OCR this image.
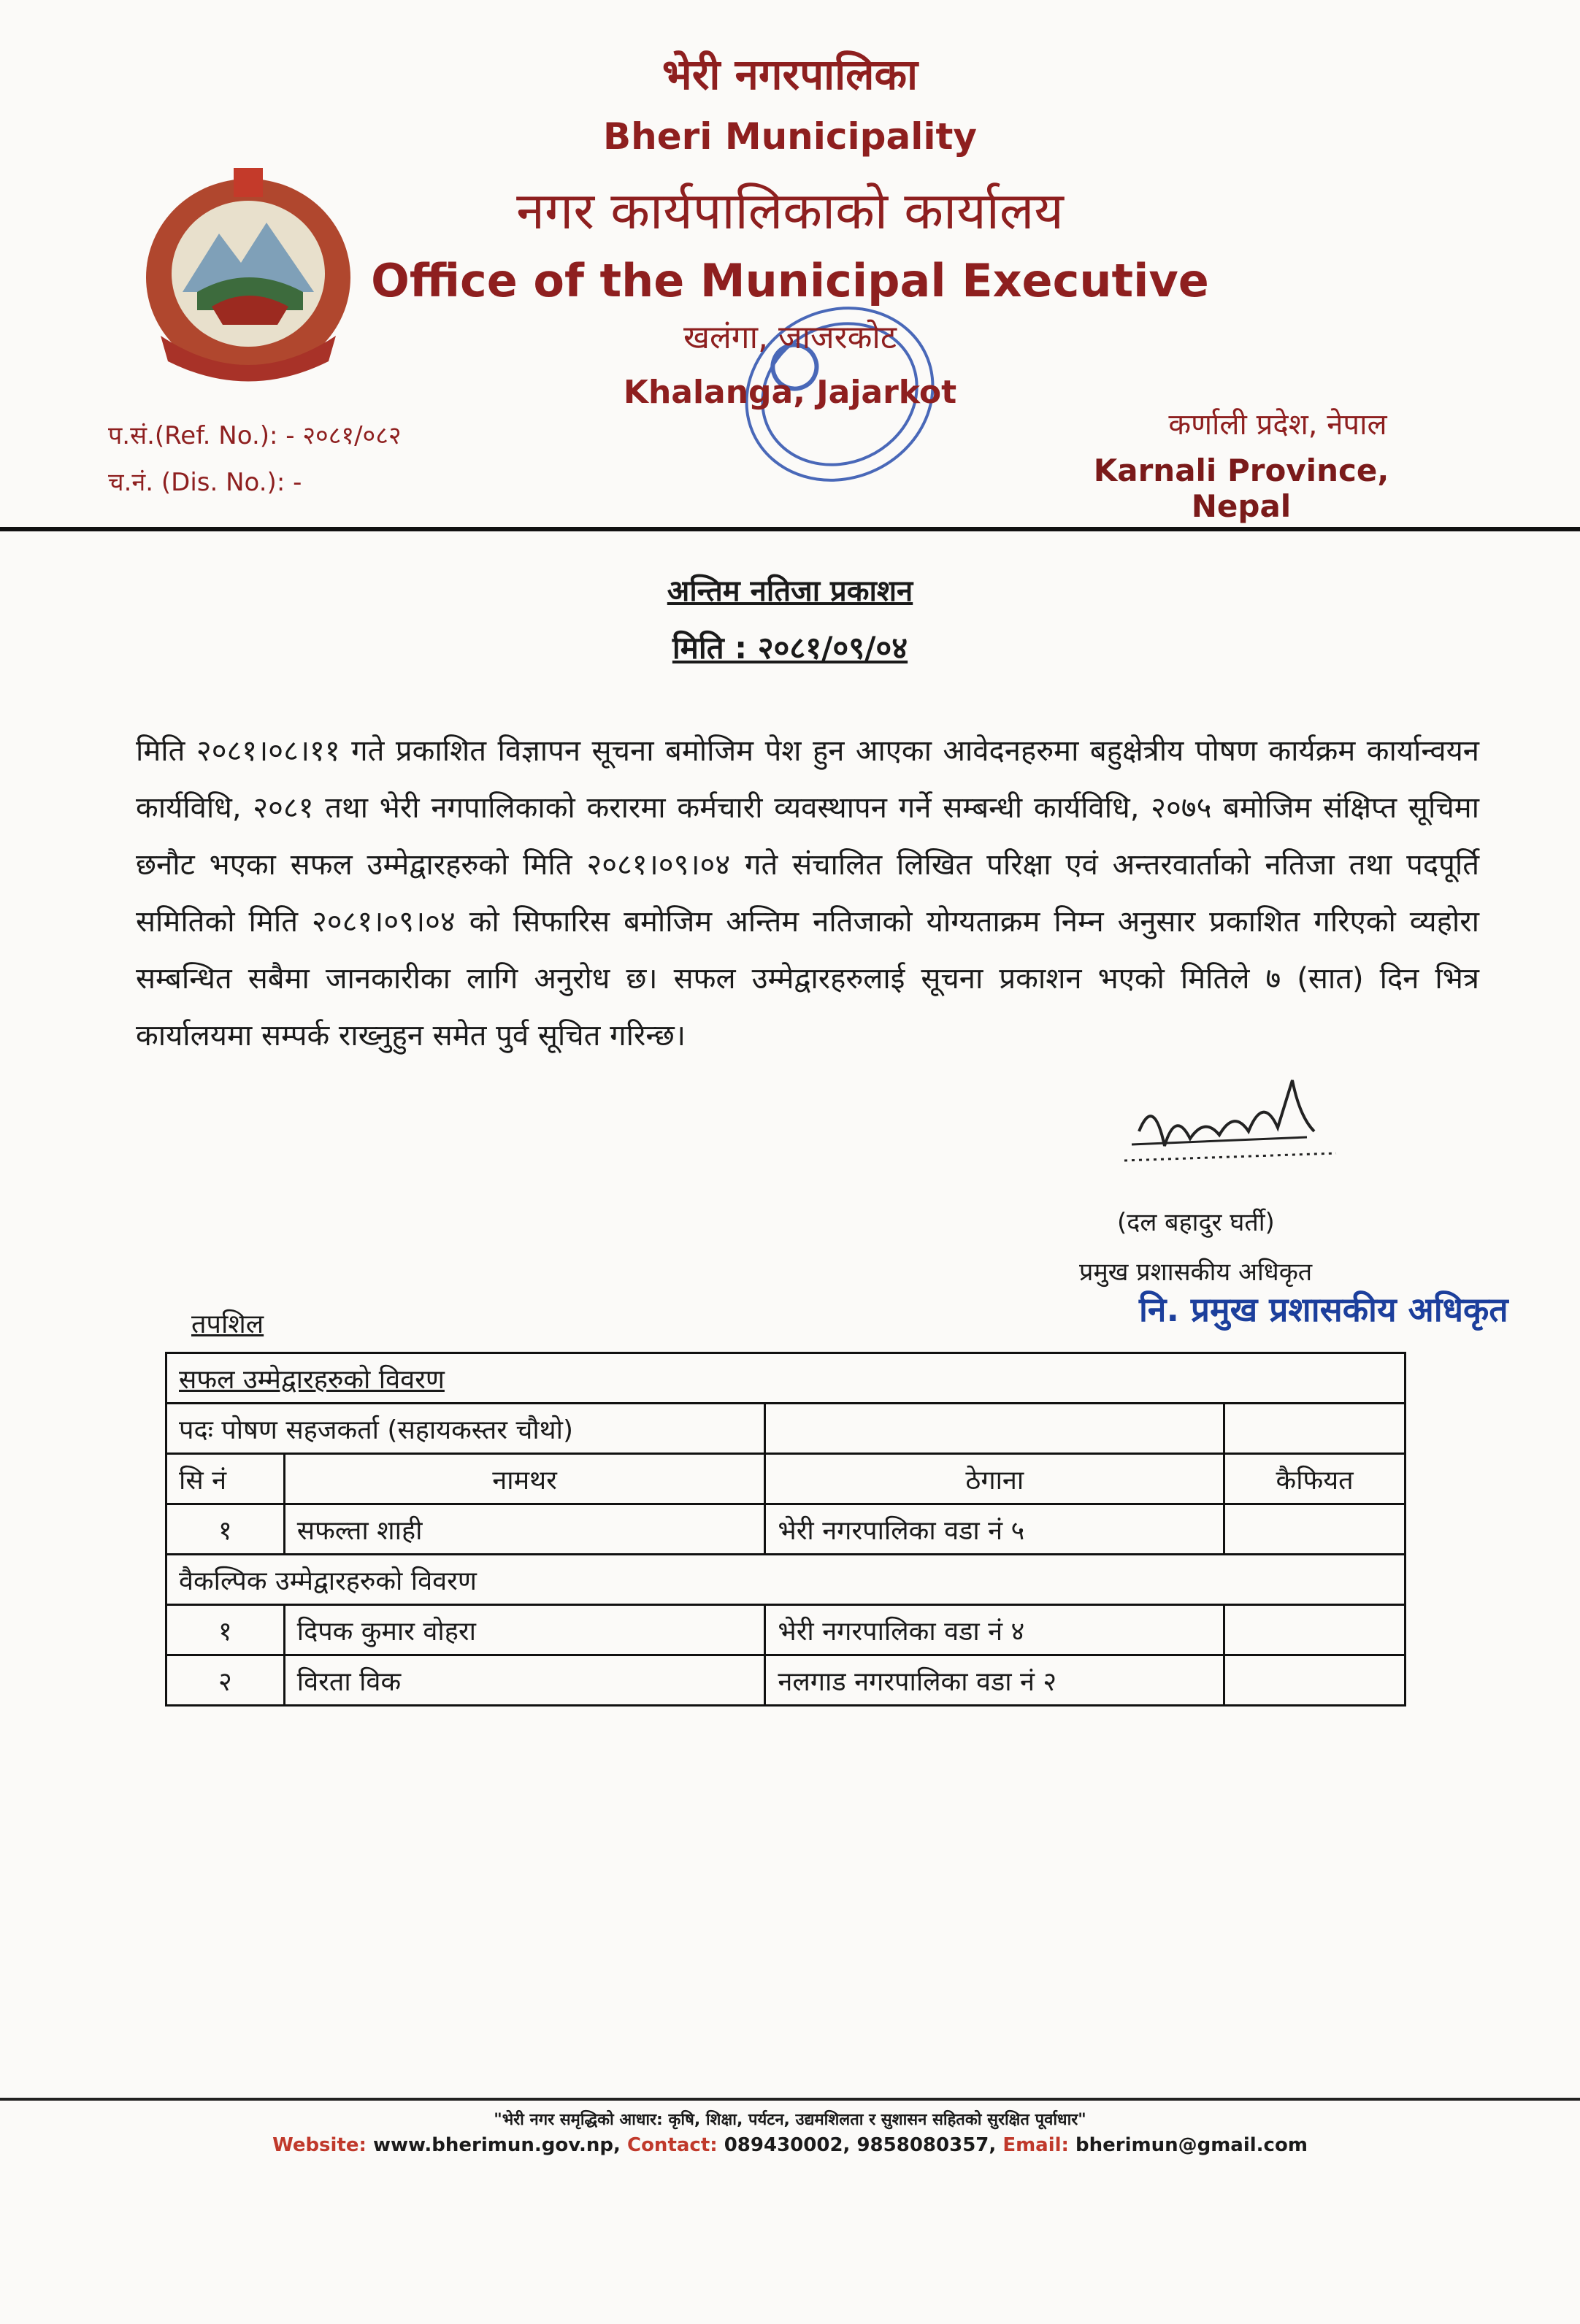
भेरी नगरपालिका
Bheri Municipality
नगर कार्यपालिकाको कार्यालय
Office of the Municipal Executive
खलंगा, जाजरकोट
Khalanga, Jajarkot
प.सं.(Ref. No.): - २०८१/०८२
च.नं. (Dis. No.): -
कर्णाली प्रदेश, नेपाल
Karnali Province, Nepal
अन्तिम नतिजा प्रकाशन
मिति : २०८१/०९/०४
मिति २०८१।०८।११ गते प्रकाशित विज्ञापन सूचना बमोजिम पेश हुन आएका आवेदनहरुमा बहुक्षेत्रीय पोषण कार्यक्रम कार्यान्वयन कार्यविधि, २०८१ तथा भेरी नगपालिकाको करारमा कर्मचारी व्यवस्थापन गर्ने सम्बन्धी कार्यविधि, २०७५ बमोजिम संक्षिप्त सूचिमा छनौट भएका सफल उम्मेद्वारहरुको मिति २०८१।०९।०४ गते संचालित लिखित परिक्षा एवं अन्तरवार्ताको नतिजा तथा पदपूर्ति समितिको मिति २०८१।०९।०४ को सिफारिस बमोजिम अन्तिम नतिजाको योग्यताक्रम निम्न अनुसार प्रकाशित गरिएको व्यहोरा सम्बन्धित सबैमा जानकारीका लागि अनुरोध छ। सफल उम्मेद्वारहरुलाई सूचना प्रकाशन भएको मितिले ७ (सात) दिन भित्र कार्यालयमा सम्पर्क राख्नुहुन समेत पुर्व सूचित गरिन्छ।
(दल बहादुर घर्ती)
प्रमुख प्रशासकीय अधिकृत
नि. प्रमुख प्रशासकीय अधिकृत
तपशिल
सफल उम्मेद्वारहरुको विवरण			
पदः पोषण सहजकर्ता (सहायकस्तर चौथो)			
सि नं	नामथर	ठेगाना	कैफियत
१	सफल्ता शाही	भेरी नगरपालिका वडा नं ५	
वैकल्पिक उम्मेद्वारहरुको विवरण			
१	दिपक कुमार वोहरा	भेरी नगरपालिका वडा नं ४	
२	विरता विक	नलगाड नगरपालिका वडा नं २	
"भेरी नगर समृद्धिको आधार: कृषि, शिक्षा, पर्यटन, उद्यमशिलता र सुशासन सहितको सुरक्षित पूर्वाधार"
Website: www.bherimun.gov.np, Contact: 089430002, 9858080357, Email: bherimun@gmail.com
